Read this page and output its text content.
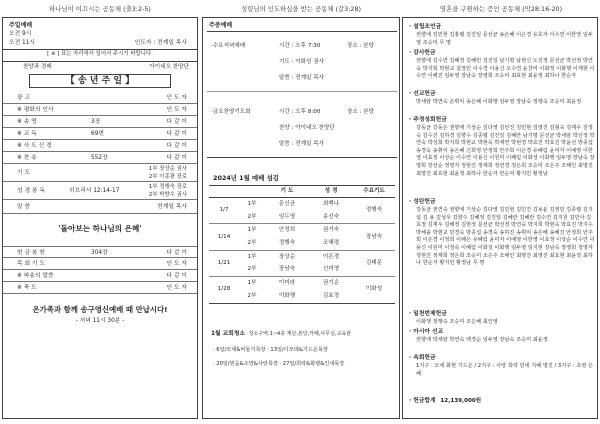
하나님이 이끄시는 공동체 (출3:2-5)
주일예배
오전 9시
오전 11시	인도자 : 전계일 목사
[ ※ ] 표는 자리에서 일어서 주시기 바랍니다.
찬양과 경배	아이네오 찬양단
【 송 년 주 일 】
광 고	인 도 자
※ 평화의 인사	인 도 자
※ 송 영	3장	다 같 이
※ 교 독	69번	다 같 이
※ 사 도 신 경	다 같 이
※ 찬 송	552장	다 같 이
기 도
1부 장상순 권사
2부 이종광 장로
성 경 봉 독	히브리서 12:14-17
1부 정행숙 장로
2부 박향수 권사
말 씀	전계일 목사
'돌아보는 하나님의 은혜'
헌 금 봉 헌	304장	다 같 이
목 회 기 도	인 도 자
※ 파송의 말씀	다 같 이
※ 축 도	인 도 자
온가족과 함께 송구영신예배 때 만납시다!
- 저녁 11시 30분 -
성령님의 인도하심을 받는 공동체 (갈3:28)
주중예배
·수요저녁예배	시간 : 오후 7:30	장소 : 본당
기도 : 이화성 권사
말씀 : 전계일 목사
·금요찬양기도회	시간 : 오후 8:00	장소 : 본당
찬양 : 아이네오 찬양단
말씀 : 전계일 목사
2024년 1월 예배 섬김
		기 도	성 경	수요기도
1/7	1부	문신균	최백나	정행숙
	2부	임두영	송선숙	
1/14	1부	안정희	권기숙	장남숙
	2부	정행숙	조혜령	
1/21	1부	장상순	이은경	김태문
	2부	장남숙	신미영	
1/28	1부	이미라	권기순	이화성
	2부	이화행	김효정	
1월 교회청소 ·청소구역:1~4층 계단,본당,카페,사무실,교육관
· 6일/모세&비둘기목장 · 13일/디모데&기드온목장
· 20일/믿음&소망&사랑목장 · 27일/희락&화평&인내목장
영혼을 구원하는 증인 공동체 (막28:16-20)
· 설립조언금
권향애 김민현 김홍렬 김진일 문선균 송은혜 이은경 유호자 이수연 이한영 임두영 조승미 무 명
· 감사헌금
권향애 김수연 김혜정 김혜린 김진일 남기평 남현신 노진정 문선균 박선정 박연숙 박지희 박현교 설장민 이수경 이용신 오수연 윤찬미 이화정 이화행 이재현 이수연 이해진 임두영 장남숙 장영희 조승미 최효현 최윤정 최하나 한순자
· 선교헌금
박새암 박연숙 손휘익 송은혜 이화행 임두영 장남숙 정행숙 조승미 최윤정
· 주정성회헌금
강동균 강동은 권향애 기상순 김다영 김민진 김민현 김영진 김형숙 김재우 김정숙 김수진 김하경 김향수 김종렬 김진일 김혜란 남기평 문선균 박새암 박선정 박연숙 박성희 박지희 박현교 박현욱 박재연 박현경 박효진 박효진 박윤선 방종섭 송경숙 송휘익 송은혜 신희영 안정희 안주희 이은경 유혜림 윤미자 이예영 이한영 이효정 이상순 이수연 이용신 이원미 이혜림 이화성 이화행 임두영 장남숙 장영희 장상순 정영자 정현진 정재희 정연경 정은희 조승미 조은주 조해인 최명진 최영진 최효현 최윤정 최하나 한순자 한순덕 황지민 황정남
· 성탄헌금
강동균 권연숙 권향애 기상순 김다영 김민현 김민진 김보윤 김영민 김종렬 김지섭 김 용 김성우 김향수 김혜정 김진일 김혜란 김혜란 김수연 김지원 김민아 김효정 김재우 김해정 김현정 문선균 박선정 박연숙 박지희 박현욱 박효진 박지수 박해솔 박현교 민경숙 방종섭 송경숙 송하진 송휘익 송은혜 송혜진 안정희 안주희 이은경 이정희 이해은 유혜림 윤미자 이예영 이한영 이효정 이상순 이수연 이용신 이원미 이정숙 이혜림 이화성 이화행 임두영 임지현 장남숙 장영희 정영자 정현진 정재희 정은희 조승미 조은주 조해인 최명진 최영진 최효현 최윤정 최하나 한순자 황지민 황정남 무 명
· 일천번제헌금
이화행 정행숙 조승미 조은혜 최인영
· 아시아 선교
권향애 박새암 박연숙 백경순 임두영 장남숙 조승미 최윤정
· 속회헌금
1지구 : 모세 화현 기드온 / 2지구 : 사랑 희락 민네 지혜 명진 / 3지구 : 초영 은혜
· 헌금합계 12,139,000원
